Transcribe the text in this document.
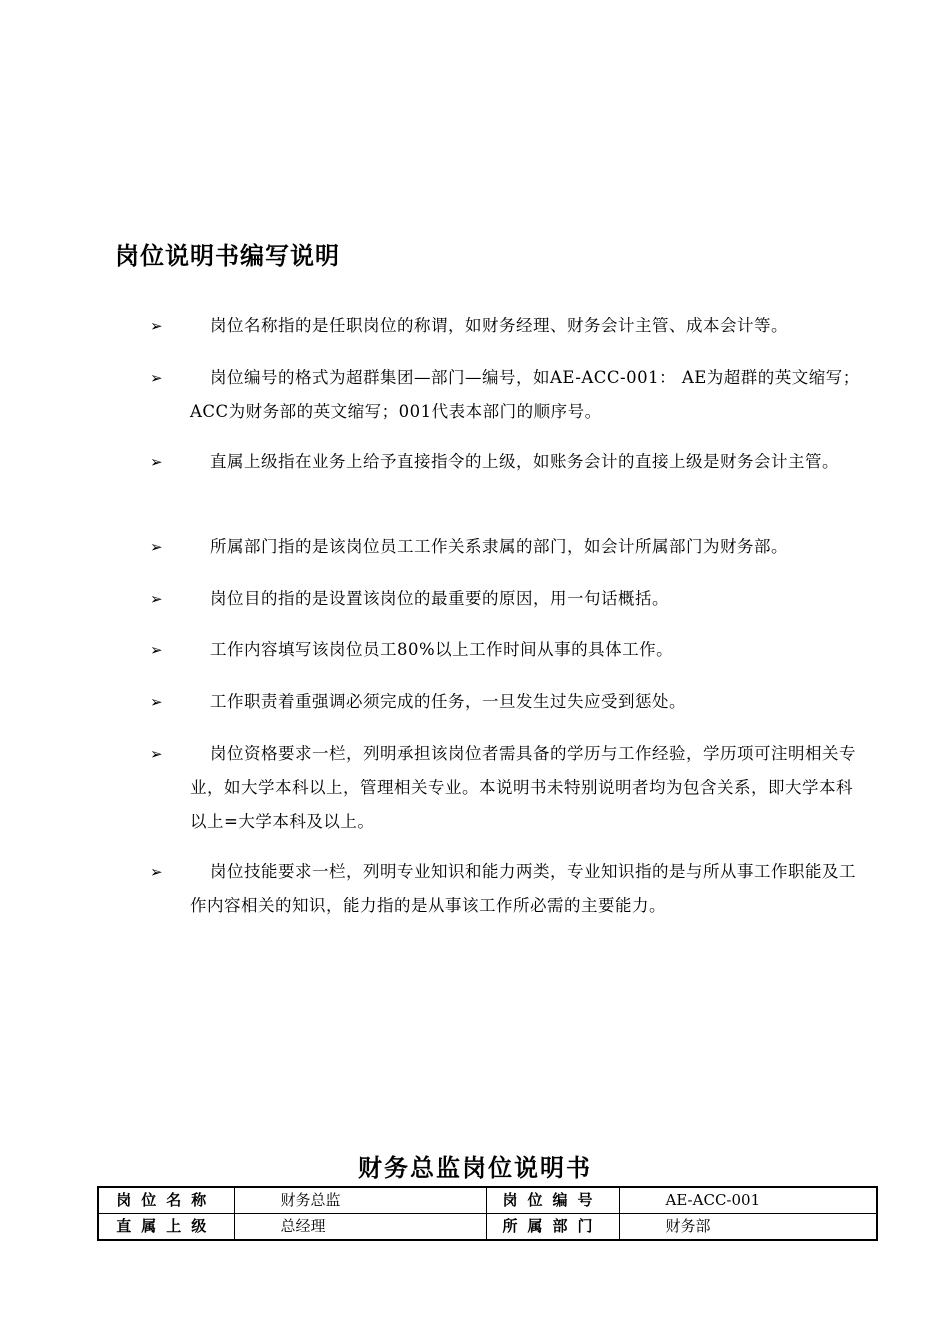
岗位说明书编写说明
➢	岗位名称指的是任职岗位的称谓，如财务经理、财务会计主管、成本会计等。
➢	岗位编号的格式为超群集团—部门—编号，如AE-ACC-001： AE为超群的英文缩写；ACC为财务部的英文缩写；001代表本部门的顺序号。
➢	直属上级指在业务上给予直接指令的上级，如账务会计的直接上级是财务会计主管。
➢	所属部门指的是该岗位员工工作关系隶属的部门，如会计所属部门为财务部。
➢	岗位目的指的是设置该岗位的最重要的原因，用一句话概括。
➢	工作内容填写该岗位员工80%以上工作时间从事的具体工作。
➢	工作职责着重强调必须完成的任务，一旦发生过失应受到惩处。
➢	岗位资格要求一栏，列明承担该岗位者需具备的学历与工作经验，学历项可注明相关专业，如大学本科以上，管理相关专业。本说明书未特别说明者均为包含关系，即大学本科以上=大学本科及以上。
➢	岗位技能要求一栏，列明专业知识和能力两类，专业知识指的是与所从事工作职能及工作内容相关的知识，能力指的是从事该工作所必需的主要能力。
财务总监岗位说明书
岗位名称	财务总监	岗位编号	AE-ACC-001
直属上级	总经理	所属部门	财务部
